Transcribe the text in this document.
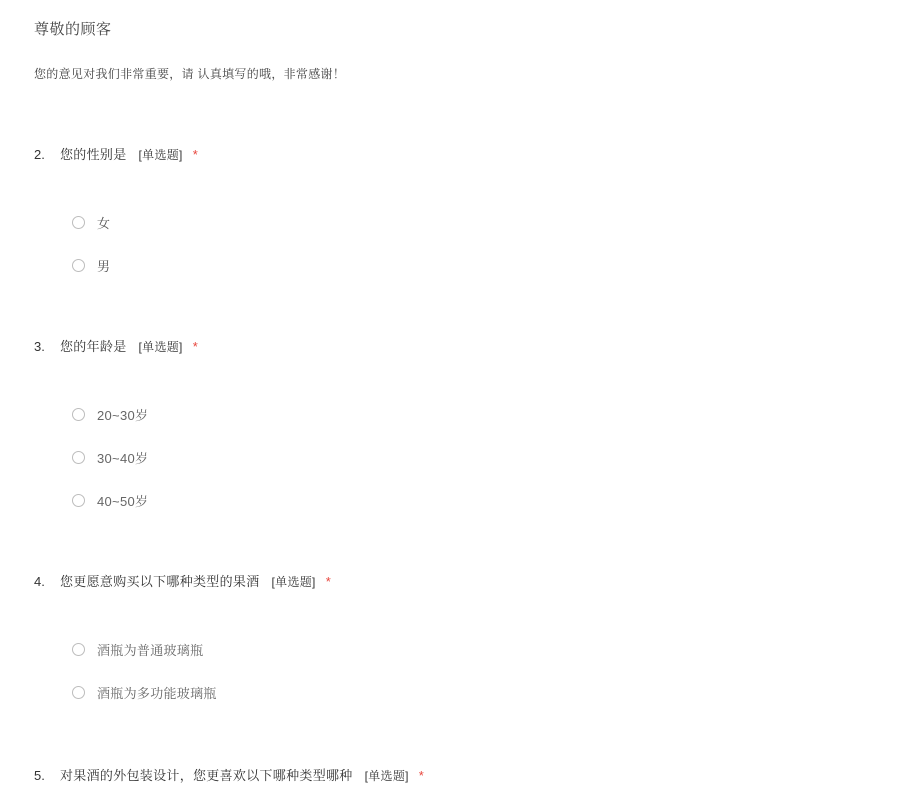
尊敬的顾客

您的意见对我们非常重要，请 认真填写的哦，非常感谢！

2.	您的性别是 [单选题] *
女
男
3.	您的年龄是 [单选题] *
20~30岁
30~40岁
40~50岁
4.	您更愿意购买以下哪种类型的果酒 [单选题] *
酒瓶为普通玻璃瓶
酒瓶为多功能玻璃瓶
5.	对果酒的外包装设计，您更喜欢以下哪种类型哪种 [单选题] *
